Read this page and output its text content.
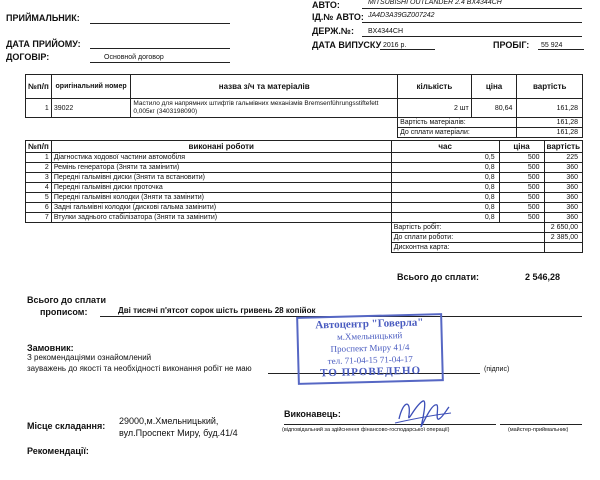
ПРИЙМАЛЬНИК:
ДАТА ПРИЙОМУ:
ДОГОВІР:	Основной договор
АВТО:	MITSUBISHI OUTLANDER 2.4 BX4344CH
ІД.№ АВТО: JA4D3A39GZ007242
ДЕРЖ.№: BX4344CH
ДАТА ВИПУСКУ 2016 р.	ПРОБІГ: 55 924
№п/п	оригінальний номер	назва з/ч та матеріалів	кількість	ціна	вартість
1	39022	Мастило для напрямних штифтів гальмівних механізмів Bremsenführungsstiftefett
0,005кг (3403198090)	2 шт	80,64	161,28
			Вартість матеріалів:		161,28
			До сплати матеріали:		161,28
№п/п	виконані роботи	час	ціна	вартість
1	Діагностика ходової частини автомобіля	0,5	500	225
2	Ремінь генератора (Зняти та замінити)	0,8	500	360
3	Передні гальмівні диски (Зняти та встановити)	0,8	500	360
4	Передні гальмівні диски проточка	0,8	500	360
5	Передні гальмівні колодки (Зняти та замінити)	0,8	500	360
6	Задні гальмівні колодки (дискові гальма замінити)	0,8	500	360
7	Втулки заднього стабілізатора (Зняти та замінити)	0,8	500	360
		Вартість робіт:		2 650,00
		До сплати роботи:		2 385,00
		Дисконтна карта:		
Всього до сплати:	2 546,28
Всього до сплати
прописом:	Дві тисячі п'ятсот сорок шість гривень 28 копійок
Замовник:
З рекомендаціями ознайомлений
зауважень до якості та необхідності виконання робіт не маю	(підпис)
Автоцентр "Говерла"
м.Хмельницький
Проспект Миру 41/4
тел. 71-04-15 71-04-17
ТО ПРОВЕДЕНО
Місце складання: 29000,м.Хмельницький,
вул.Проспект Миру, буд.41/4
Виконавець:
(відповідальний за здійснення фінансово-господарської операції)	(майстер-приймальник)
Рекомендації:
